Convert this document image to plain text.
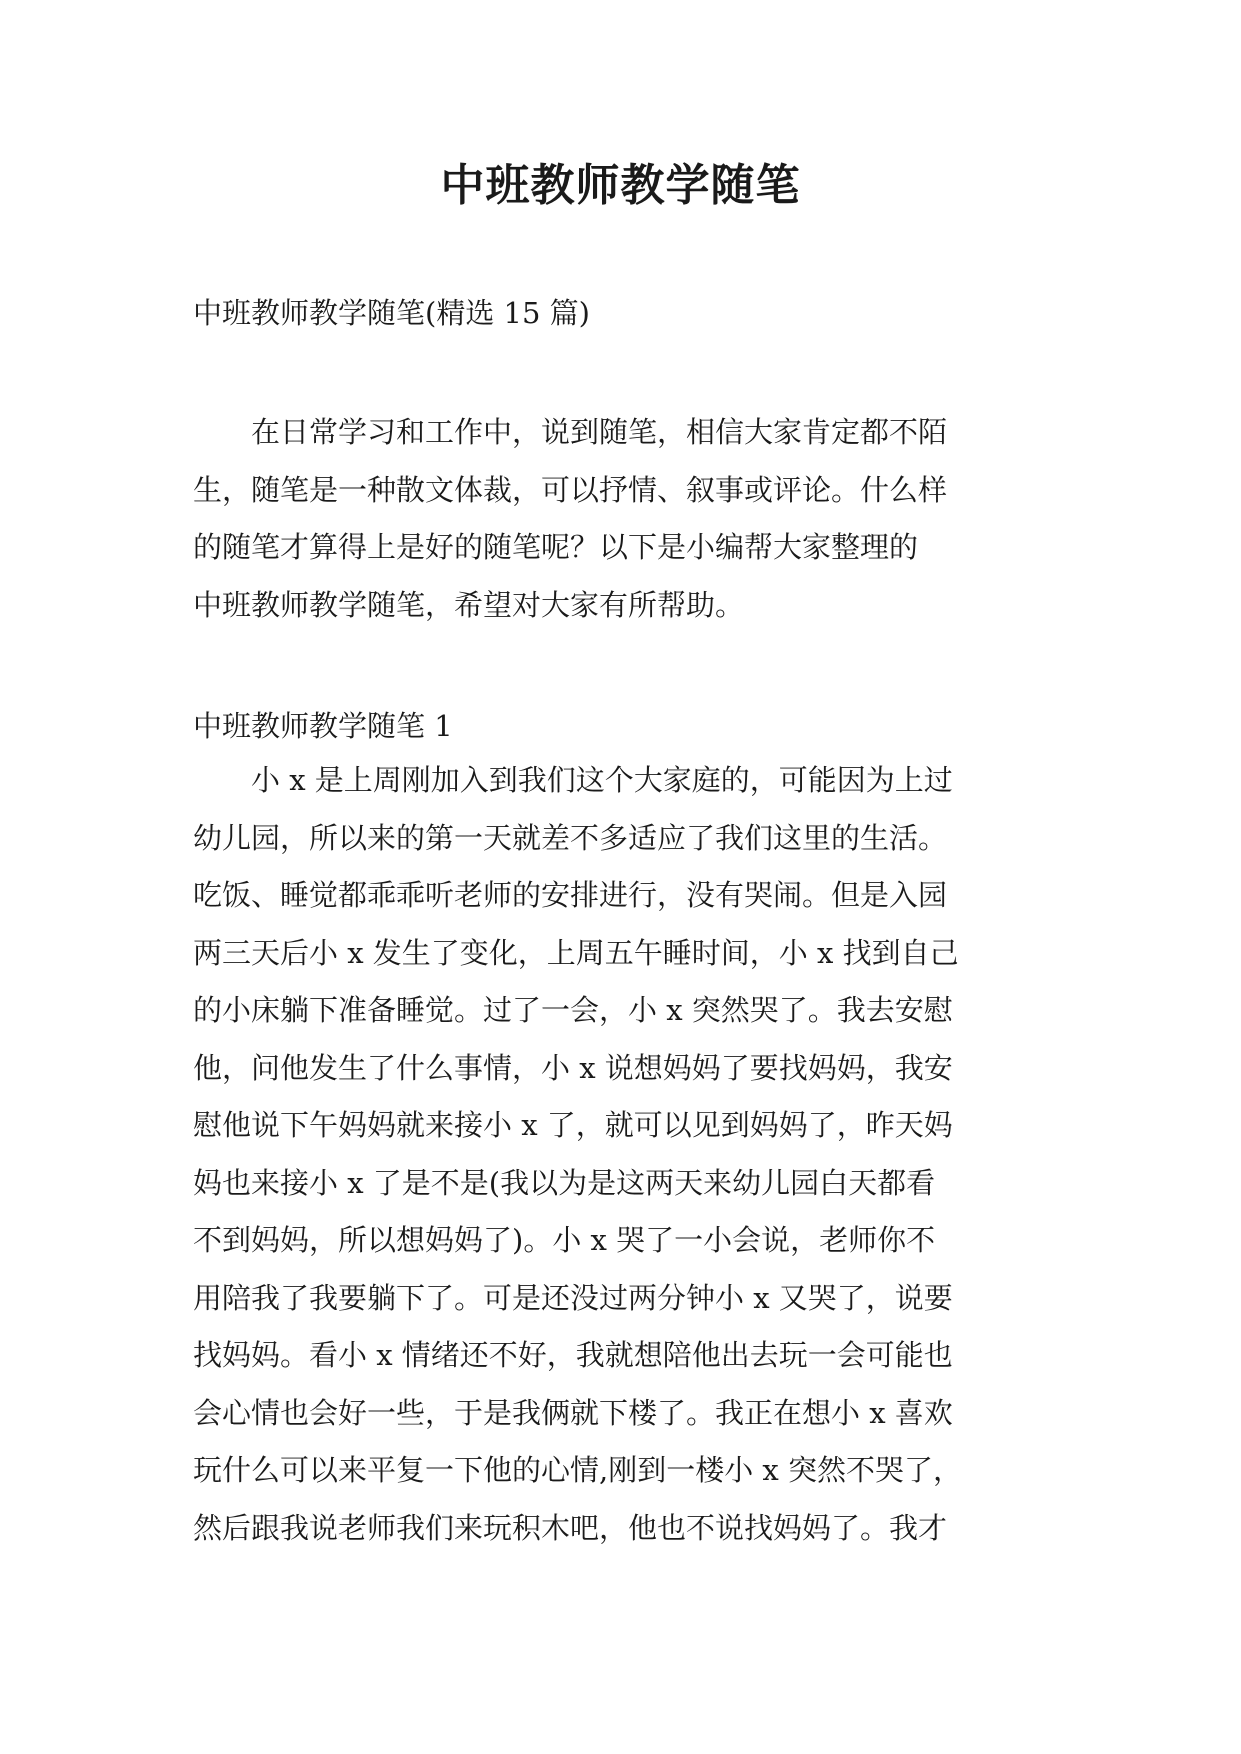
中班教师教学随笔
中班教师教学随笔(精选 15 篇)

在日常学习和工作中，说到随笔，相信大家肯定都不陌
生，随笔是一种散文体裁，可以抒情、叙事或评论。什么样
的随笔才算得上是好的随笔呢？以下是小编帮大家整理的
中班教师教学随笔，希望对大家有所帮助。

中班教师教学随笔 1

小 x 是上周刚加入到我们这个大家庭的，可能因为上过
幼儿园，所以来的第一天就差不多适应了我们这里的生活。
吃饭、睡觉都乖乖听老师的安排进行，没有哭闹。但是入园
两三天后小 x 发生了变化，上周五午睡时间，小 x 找到自己
的小床躺下准备睡觉。过了一会，小 x 突然哭了。我去安慰
他，问他发生了什么事情，小 x 说想妈妈了要找妈妈，我安
慰他说下午妈妈就来接小 x 了，就可以见到妈妈了，昨天妈
妈也来接小 x 了是不是(我以为是这两天来幼儿园白天都看
不到妈妈，所以想妈妈了)。小 x 哭了一小会说，老师你不
用陪我了我要躺下了。可是还没过两分钟小 x 又哭了，说要
找妈妈。看小 x 情绪还不好，我就想陪他出去玩一会可能也
会心情也会好一些，于是我俩就下楼了。我正在想小 x 喜欢
玩什么可以来平复一下他的心情,刚到一楼小 x 突然不哭了，
然后跟我说老师我们来玩积木吧，他也不说找妈妈了。我才
